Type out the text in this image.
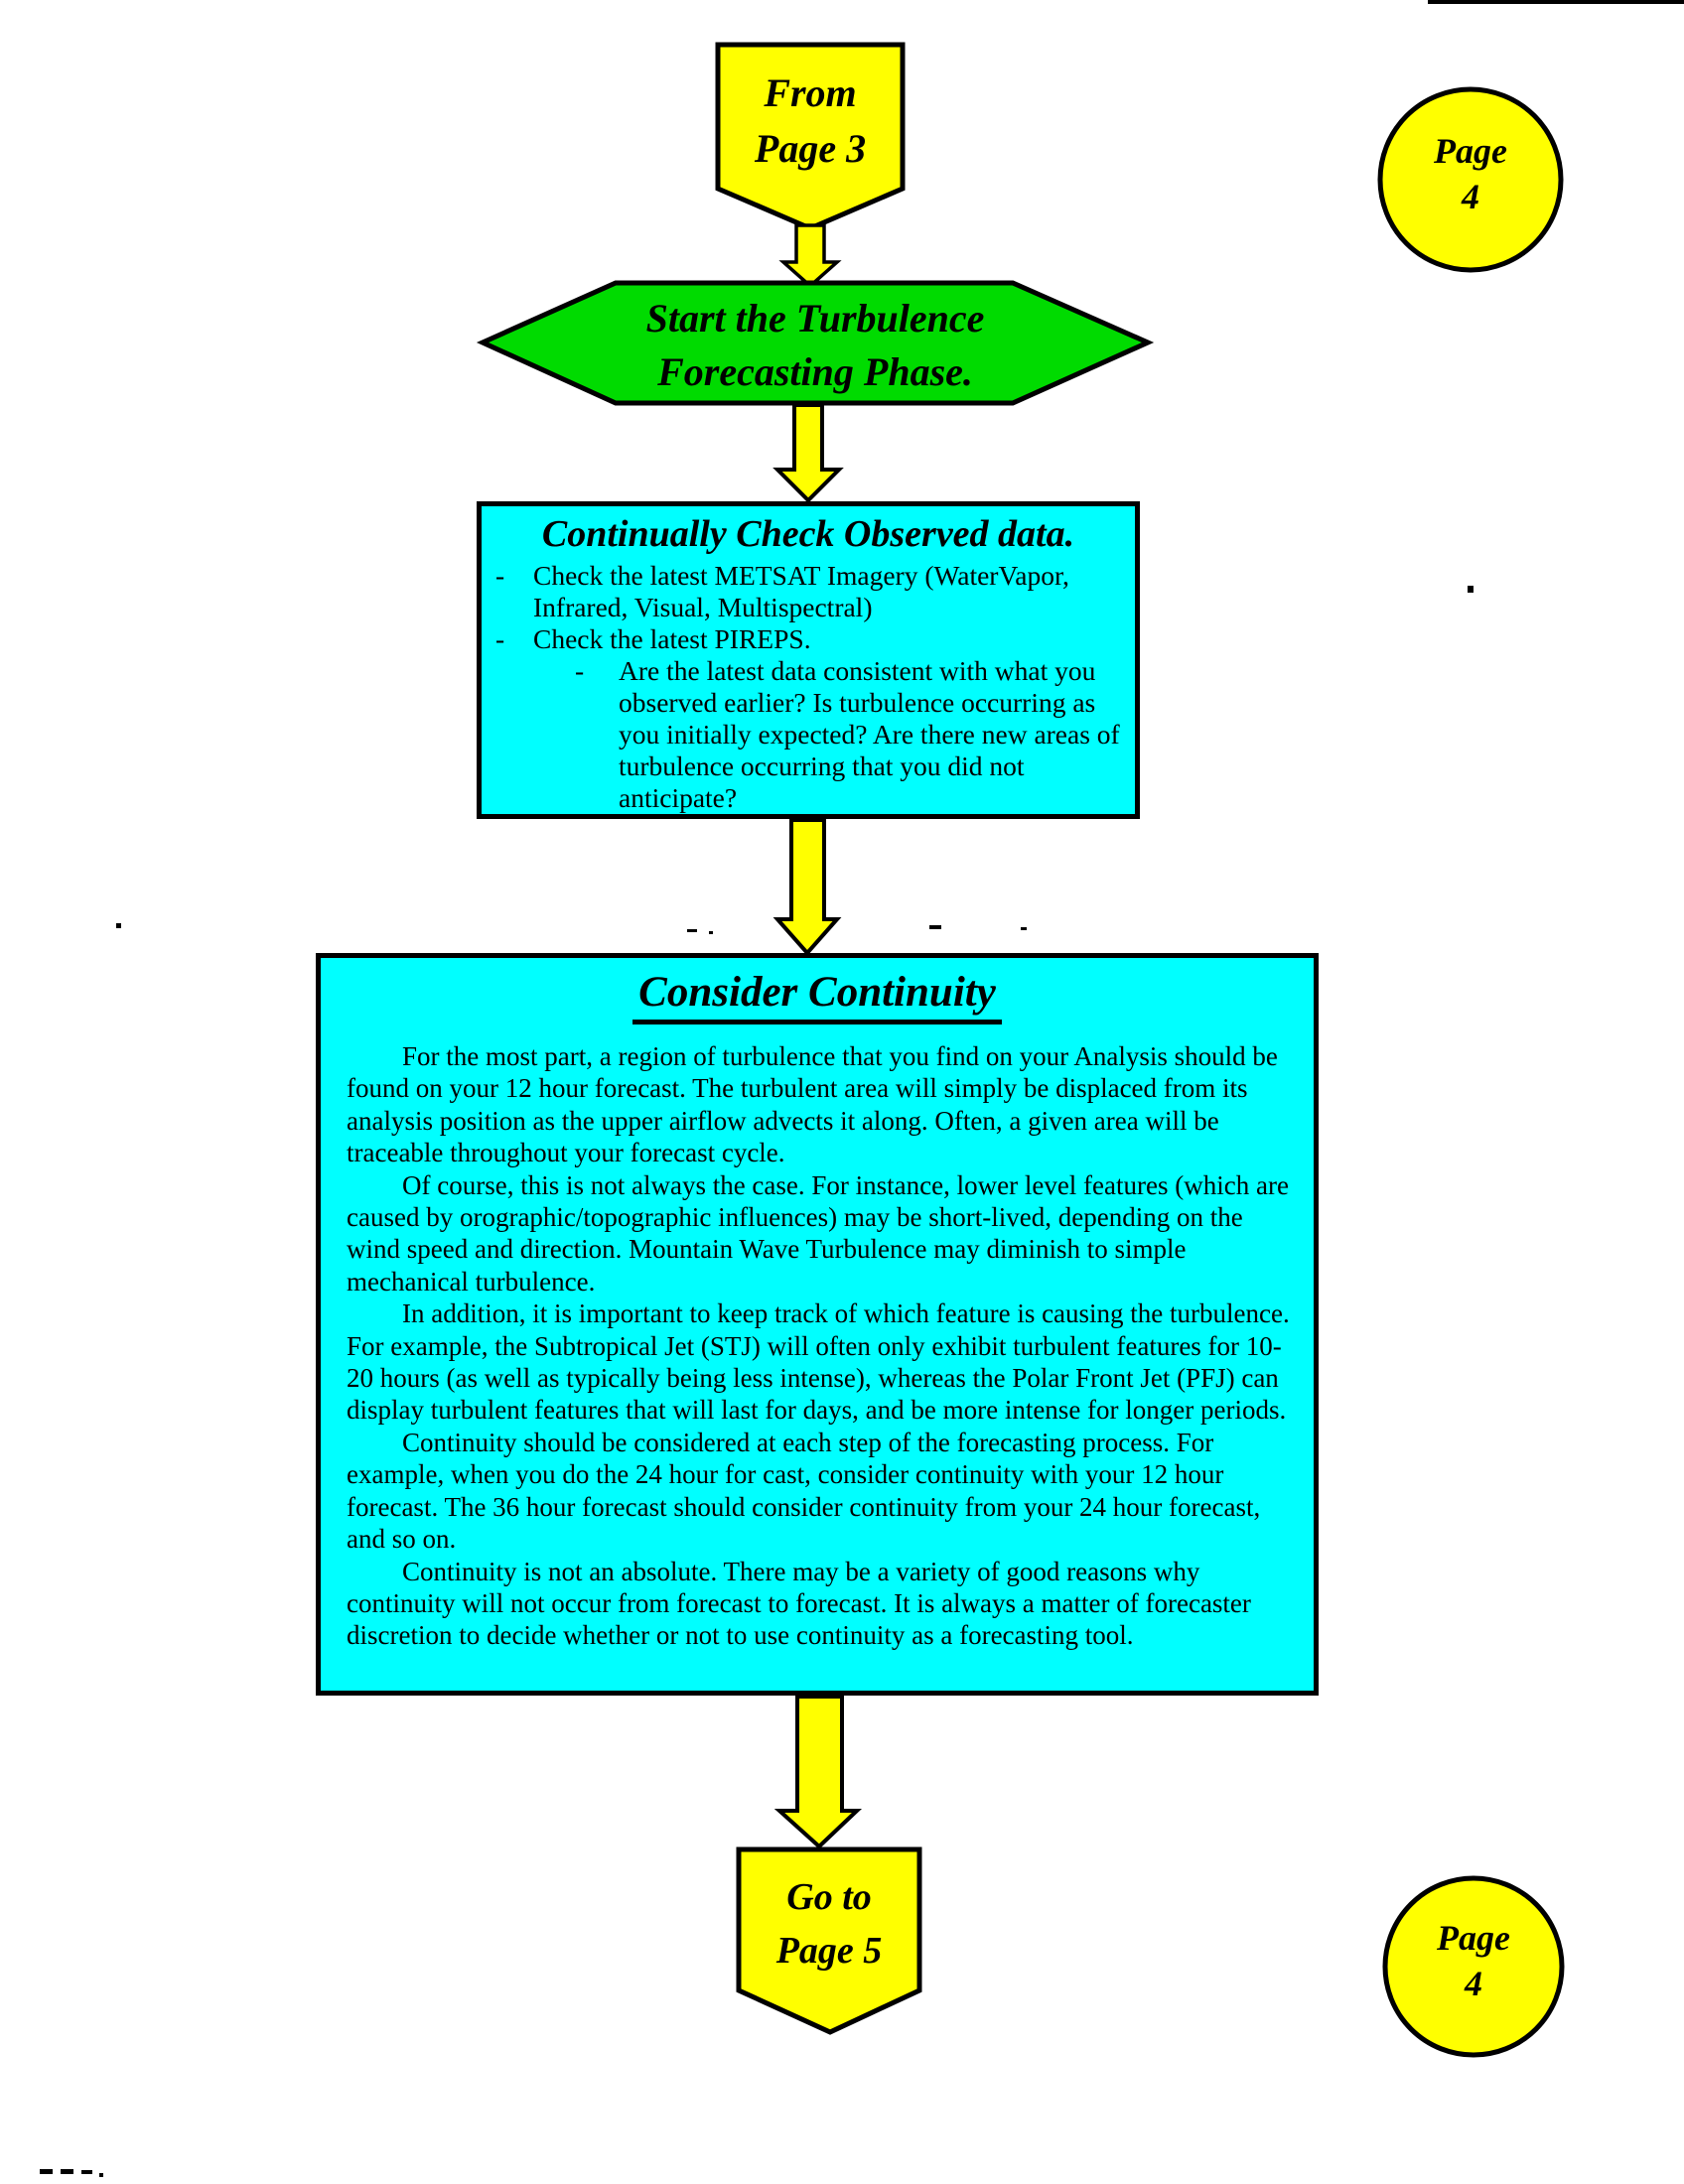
From
Page 3	Page
4
Start the Turbulence
Forecasting Phase.
Continually Check Observed data.
-	Check the latest METSAT Imagery (WaterVapor, Infrared, Visual, Multispectral)
-	Check the latest PIREPS.
-	Are the latest data consistent with what you observed earlier? Is turbulence occurring as you initially expected? Are there new areas of turbulence occurring that you did not anticipate?
Consider Continuity
For the most part, a region of turbulence that you find on your Analysis should be found on your 12 hour forecast. The turbulent area will simply be displaced from its analysis position as the upper airflow advects it along. Often, a given area will be traceable throughout your forecast cycle.
Of course, this is not always the case. For instance, lower level features (which are caused by orographic/topographic influences) may be short-lived, depending on the wind speed and direction. Mountain Wave Turbulence may diminish to simple mechanical turbulence.
In addition, it is important to keep track of which feature is causing the turbulence. For example, the Subtropical Jet (STJ) will often only exhibit turbulent features for 10-20 hours (as well as typically being less intense), whereas the Polar Front Jet (PFJ) can display turbulent features that will last for days, and be more intense for longer periods.
Continuity should be considered at each step of the forecasting process. For example, when you do the 24 hour for cast, consider continuity with your 12 hour forecast. The 36 hour forecast should consider continuity from your 24 hour forecast, and so on.
Continuity is not an absolute. There may be a variety of good reasons why continuity will not occur from forecast to forecast. It is always a matter of forecaster discretion to decide whether or not to use continuity as a forecasting tool.
Go to
Page 5	Page
4
